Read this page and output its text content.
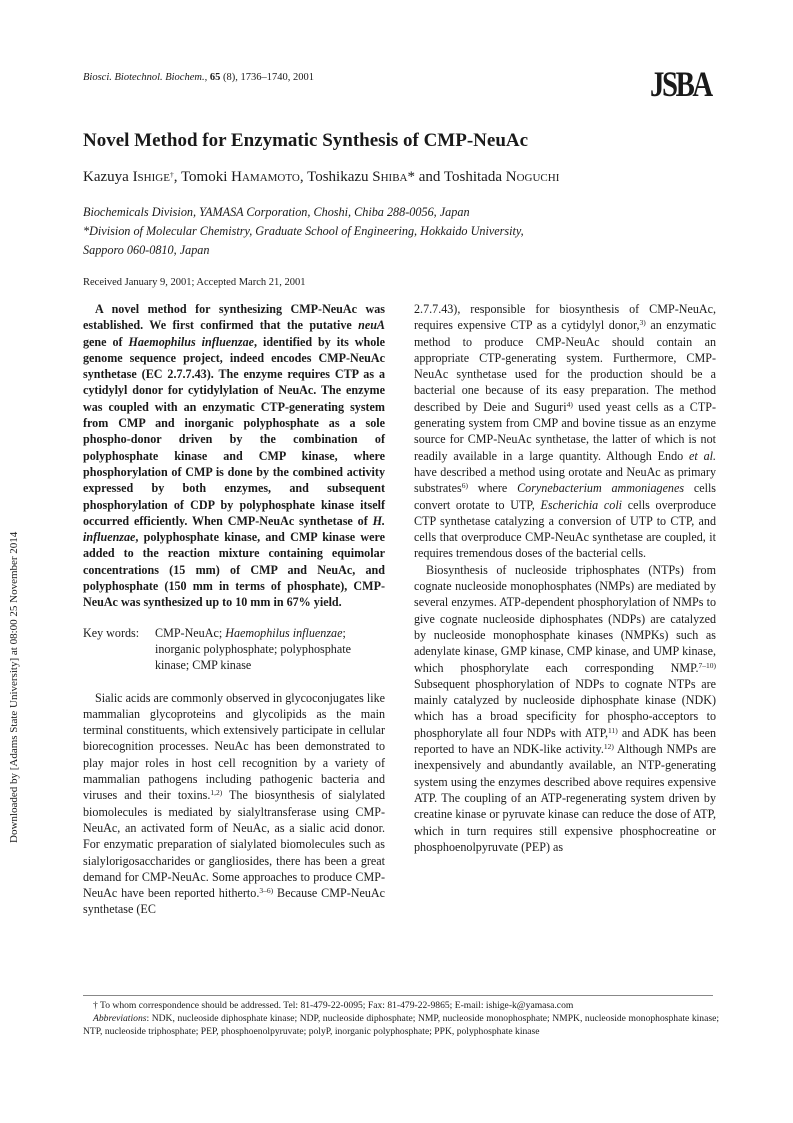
Downloaded by [Adams State University] at 08:00 25 November 2014
Biosci. Biotechnol. Biochem., 65 (8), 1736–1740, 2001	JSBA
Novel Method for Enzymatic Synthesis of CMP-NeuAc
Kazuya Ishige†, Tomoki Hamamoto, Toshikazu Shiba* and Toshitada Noguchi
Biochemicals Division, YAMASA Corporation, Choshi, Chiba 288-0056, Japan
*Division of Molecular Chemistry, Graduate School of Engineering, Hokkaido University,
Sapporo 060-0810, Japan
Received January 9, 2001; Accepted March 21, 2001

A novel method for synthesizing CMP-NeuAc was established. We first confirmed that the putative neuA gene of Haemophilus influenzae, identified by its whole genome sequence project, indeed encodes CMP-NeuAc synthetase (EC 2.7.7.43). The enzyme requires CTP as a cytidylyl donor for cytidylylation of NeuAc. The enzyme was coupled with an enzymatic CTP-generating system from CMP and inorganic polyphosphate as a sole phospho-donor driven by the combination of polyphosphate kinase and CMP kinase, where phosphorylation of CMP is done by the combined activity expressed by both enzymes, and subsequent phosphorylation of CDP by polyphosphate kinase itself occurred efficiently. When CMP-NeuAc synthetase of H. influenzae, polyphosphate kinase, and CMP kinase were added to the reaction mixture containing equimolar concentrations (15 mm) of CMP and NeuAc, and polyphosphate (150 mm in terms of phosphate), CMP-NeuAc was synthesized up to 10 mm in 67% yield.

Key words:	CMP-NeuAc; Haemophilus influenzae; inorganic polyphosphate; polyphosphate kinase; CMP kinase

Sialic acids are commonly observed in glycoconjugates like mammalian glycoproteins and glycolipids as the main terminal constituents, which extensively participate in cellular biorecognition processes. NeuAc has been demonstrated to play major roles in host cell recognition by a variety of mammalian pathogens including pathogenic bacteria and viruses and their toxins.$^{1,2)}$ The biosynthesis of sialylated biomolecules is mediated by sialyltransferase using CMP-NeuAc, an activated form of NeuAc, as a sialic acid donor. For enzymatic preparation of sialylated biomolecules such as sialylorigosaccharides or gangliosides, there has been a great demand for CMP-NeuAc. Some approaches to produce CMP-NeuAc have been reported hitherto.$^{3-6)}$ Because CMP-NeuAc synthetase (EC

2.7.7.43), responsible for biosynthesis of CMP-NeuAc, requires expensive CTP as a cytidylyl donor,$^{3)}$ an enzymatic method to produce CMP-NeuAc should contain an appropriate CTP-generating system. Furthermore, CMP-NeuAc synthetase used for the production should be a bacterial one because of its easy preparation. The method described by Deie and Suguri$^{4)}$ used yeast cells as a CTP-generating system from CMP and bovine tissue as an enzyme source for CMP-NeuAc synthetase, the latter of which is not readily available in a large quantity. Although Endo et al. have described a method using orotate and NeuAc as primary substrates$^{6)}$ where Corynebacterium ammoniagenes cells convert orotate to UTP, Escherichia coli cells overproduce CTP synthetase catalyzing a conversion of UTP to CTP, and cells that overproduce CMP-NeuAc synthetase are coupled, it requires tremendous doses of the bacterial cells.

Biosynthesis of nucleoside triphosphates (NTPs) from cognate nucleoside monophosphates (NMPs) are mediated by several enzymes. ATP-dependent phosphorylation of NMPs to give cognate nucleoside diphosphates (NDPs) are catalyzed by nucleoside monophosphate kinases (NMPKs) such as adenylate kinase, GMP kinase, CMP kinase, and UMP kinase, which phosphorylate each corresponding NMP.$^{7-10)}$ Subsequent phosphorylation of NDPs to cognate NTPs are mainly catalyzed by nucleoside diphosphate kinase (NDK) which has a broad specificity for phospho-acceptors to phosphorylate all four NDPs with ATP,$^{11)}$ and ADK has been reported to have an NDK-like activity.$^{12)}$ Although NMPs are inexpensively and abundantly available, an NTP-generating system using the enzymes described above requires expensive ATP. The coupling of an ATP-regenerating system driven by creatine kinase or pyruvate kinase can reduce the dose of ATP, which in turn requires still expensive phosphocreatine or phosphoenolpyruvate (PEP) as

† To whom correspondence should be addressed. Tel: 81-479-22-0095; Fax: 81-479-22-9865; E-mail: ishige-k@yamasa.com
Abbreviations: NDK, nucleoside diphosphate kinase; NDP, nucleoside diphosphate; NMP, nucleoside monophosphate; NMPK, nucleoside monophosphate kinase; NTP, nucleoside triphosphate; PEP, phosphoenolpyruvate; polyP, inorganic polyphosphate; PPK, polyphosphate kinase
